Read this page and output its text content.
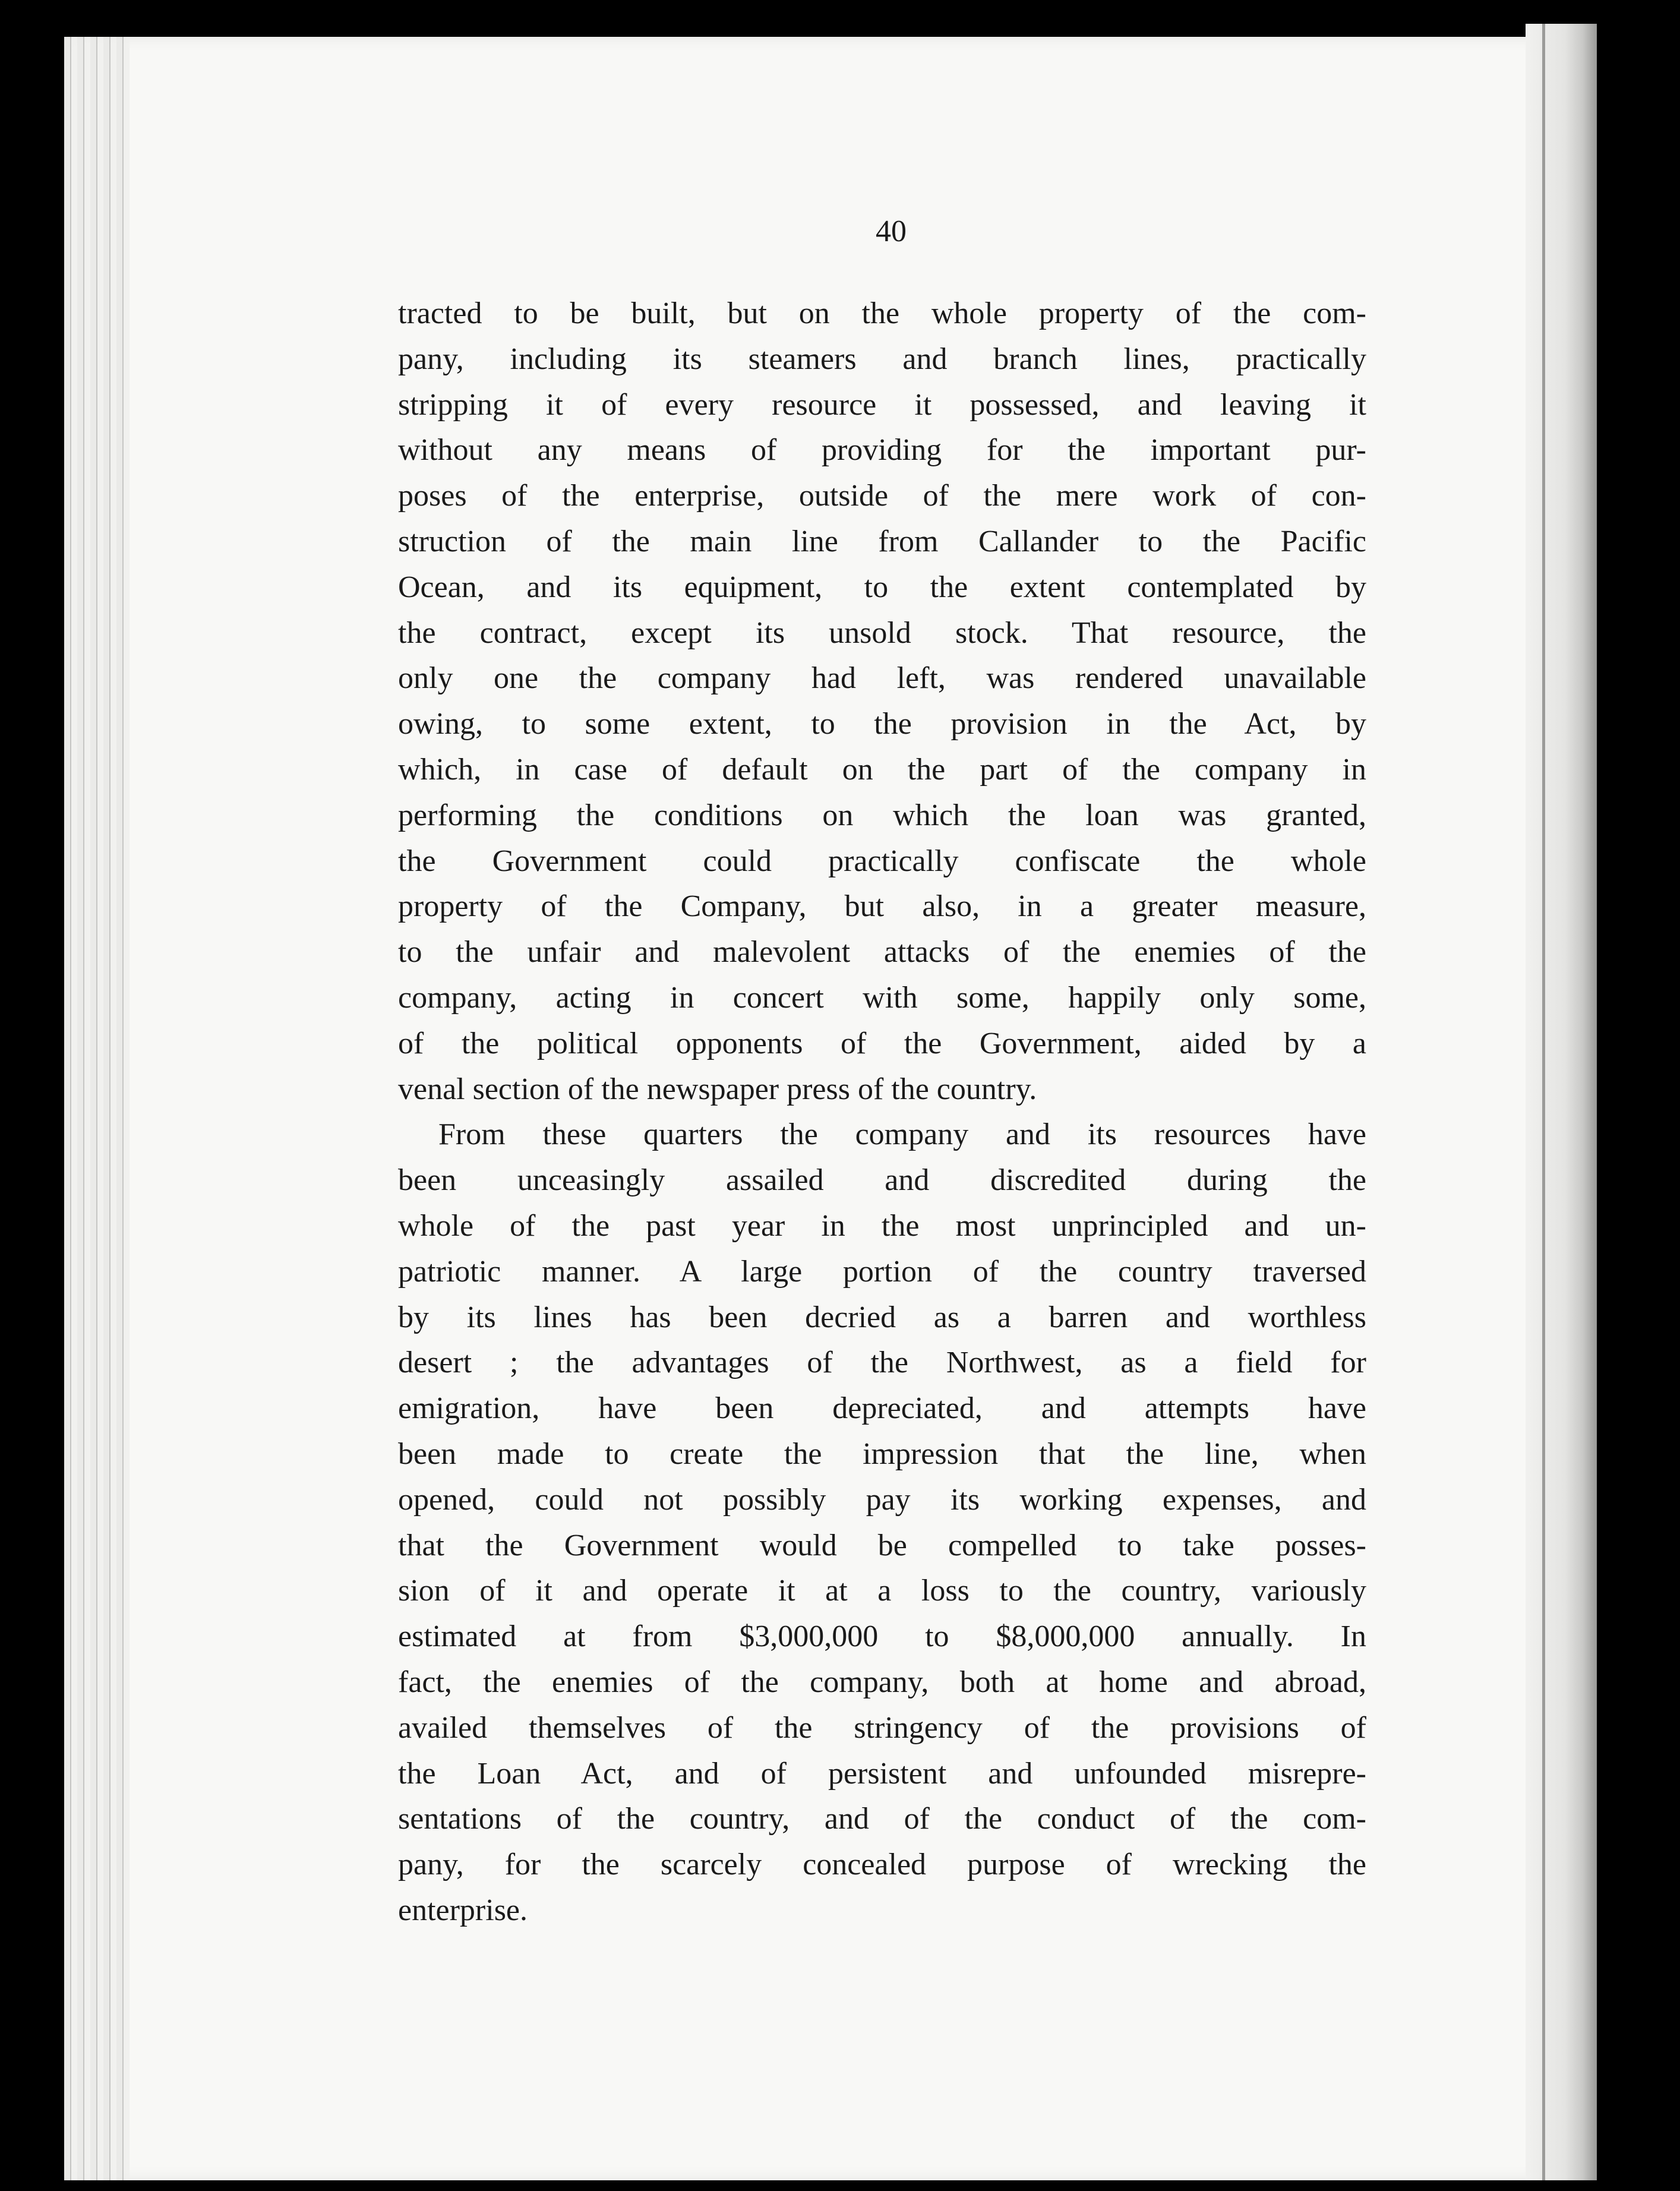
40
tracted to be built, but on the whole property of the com-
pany, including its steamers and branch lines, practically
stripping it of every resource it possessed, and leaving it
without any means of providing for the important pur-
poses of the enterprise, outside of the mere work of con-
struction of the main line from Callander to the Pacific
Ocean, and its equipment, to the extent contemplated by
the contract, except its unsold stock. That resource, the
only one the company had left, was rendered unavailable
owing, to some extent, to the provision in the Act, by
which, in case of default on the part of the company in
performing the conditions on which the loan was granted,
the Government could practically confiscate the whole
property of the Company, but also, in a greater measure,
to the unfair and malevolent attacks of the enemies of the
company, acting in concert with some, happily only some,
of the political opponents of the Government, aided by a
venal section of the newspaper press of the country.
From these quarters the company and its resources have
been unceasingly assailed and discredited during the
whole of the past year in the most unprincipled and un-
patriotic manner. A large portion of the country traversed
by its lines has been decried as a barren and worthless
desert ; the advantages of the Northwest, as a field for
emigration, have been depreciated, and attempts have
been made to create the impression that the line, when
opened, could not possibly pay its working expenses, and
that the Government would be compelled to take posses-
sion of it and operate it at a loss to the country, variously
estimated at from $3,000,000 to $8,000,000 annually. In
fact, the enemies of the company, both at home and abroad,
availed themselves of the stringency of the provisions of
the Loan Act, and of persistent and unfounded misrepre-
sentations of the country, and of the conduct of the com-
pany, for the scarcely concealed purpose of wrecking the
enterprise.
